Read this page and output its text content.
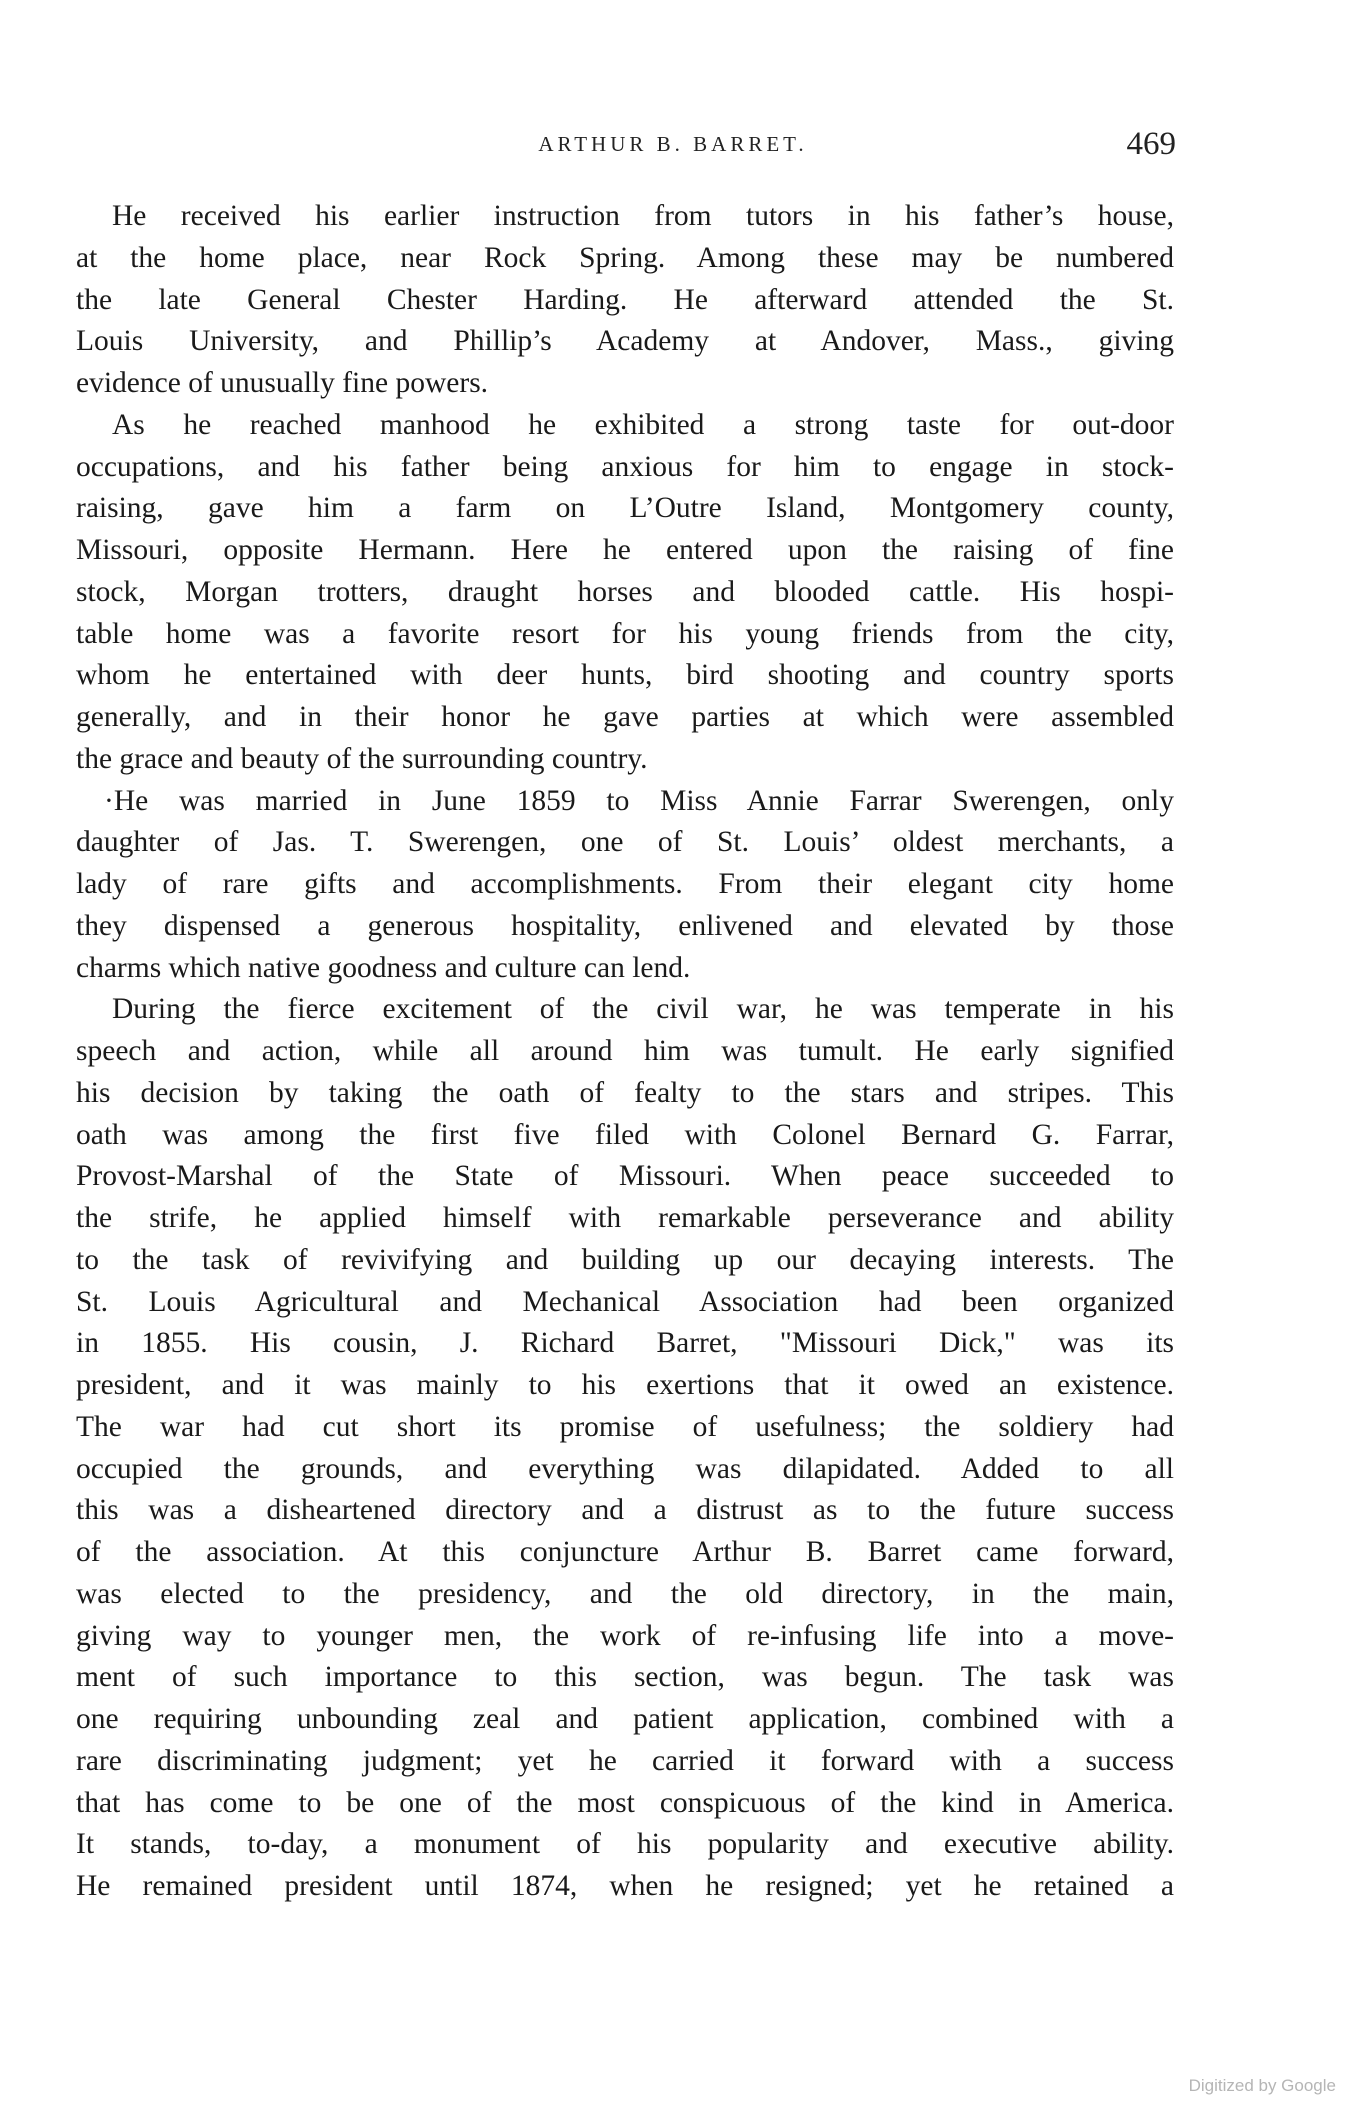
ARTHUR B. BARRET.	469
He received his earlier instruction from tutors in his father’s house,
at the home place, near Rock Spring. Among these may be numbered
the late General Chester Harding. He afterward attended the St.
Louis University, and Phillip’s Academy at Andover, Mass., giving
evidence of unusually fine powers.
As he reached manhood he exhibited a strong taste for out-door
occupations, and his father being anxious for him to engage in stock-
raising, gave him a farm on L’Outre Island, Montgomery county,
Missouri, opposite Hermann. Here he entered upon the raising of fine
stock, Morgan trotters, draught horses and blooded cattle. His hospi-
table home was a favorite resort for his young friends from the city,
whom he entertained with deer hunts, bird shooting and country sports
generally, and in their honor he gave parties at which were assembled
the grace and beauty of the surrounding country.
·He was married in June 1859 to Miss Annie Farrar Swerengen, only
daughter of Jas. T. Swerengen, one of St. Louis’ oldest merchants, a
lady of rare gifts and accomplishments. From their elegant city home
they dispensed a generous hospitality, enlivened and elevated by those
charms which native goodness and culture can lend.
During the fierce excitement of the civil war, he was temperate in his
speech and action, while all around him was tumult. He early signified
his decision by taking the oath of fealty to the stars and stripes. This
oath was among the first five filed with Colonel Bernard G. Farrar,
Provost-Marshal of the State of Missouri. When peace succeeded to
the strife, he applied himself with remarkable perseverance and ability
to the task of revivifying and building up our decaying interests. The
St. Louis Agricultural and Mechanical Association had been organized
in 1855. His cousin, J. Richard Barret, "Missouri Dick," was its
president, and it was mainly to his exertions that it owed an existence.
The war had cut short its promise of usefulness; the soldiery had
occupied the grounds, and everything was dilapidated. Added to all
this was a disheartened directory and a distrust as to the future success
of the association. At this conjuncture Arthur B. Barret came forward,
was elected to the presidency, and the old directory, in the main,
giving way to younger men, the work of re-infusing life into a move-
ment of such importance to this section, was begun. The task was
one requiring unbounding zeal and patient application, combined with a
rare discriminating judgment; yet he carried it forward with a success
that has come to be one of the most conspicuous of the kind in America.
It stands, to-day, a monument of his popularity and executive ability.
He remained president until 1874, when he resigned; yet he retained a
Digitized by Google
